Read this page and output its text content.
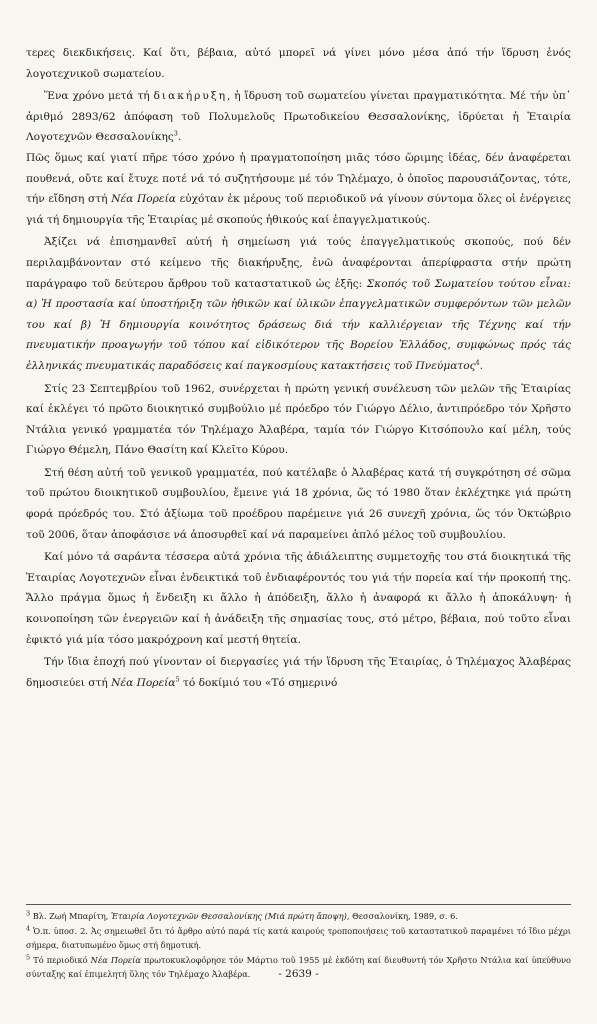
τερες διεκδικήσεις. Καί ὅτι, βέβαια, αὐτό μπορεῖ νά γίνει μόνο μέσα ἀπό τήν ἵδρυση ἑνός λογοτεχνικοῦ σωματείου.

Ἕνα χρόνο μετά τή διακήρυξη, ἡ ἵδρυση τοῦ σωματείου γίνεται πραγματικότητα. Μέ τήν ὑπ᾽ ἀριθμό 2893/62 ἀπόφαση τοῦ Πολυμελοῦς Πρωτοδικείου Θεσσαλονίκης, ἱδρύεται ἡ Ἑταιρία Λογοτεχνῶν Θεσσαλονίκης$^3$.

Πῶς ὅμως καί γιατί πῆρε τόσο χρόνο ἡ πραγματοποίηση μιᾶς τόσο ὥριμης ἰδέας, δέν ἀναφέρεται πουθενά, οὔτε καί ἔτυχε ποτέ νά τό συζητήσουμε μέ τόν Τηλέμαχο, ὁ ὁποῖος παρουσιάζοντας, τότε, τήν εἴδηση στή Νέα Πορεία εὐχόταν ἐκ μέρους τοῦ περιοδικοῦ νά γίνουν σύντομα ὅλες οἱ ἐνέργειες γιά τή δημιουργία τῆς Ἑταιρίας μέ σκοπούς ἠθικούς καί ἐπαγγελματικούς.

Ἀξίζει νά ἐπισημανθεῖ αὐτή ἡ σημείωση γιά τούς ἐπαγγελματικούς σκοπούς, πού δέν περιλαμβάνονταν στό κείμενο τῆς διακήρυξης, ἐνῶ ἀναφέρονται ἀπερίφραστα στήν πρώτη παράγραφο τοῦ δεύτερου ἄρθρου τοῦ καταστατικοῦ ὡς ἑξῆς: Σκοπός τοῦ Σωματείου τούτου εἶναι: α) Ἡ προστασία καί ὑποστήριξη τῶν ἠθικῶν καί ὑλικῶν ἐπαγγελματικῶν συμφερόντων τῶν μελῶν του καί β) Ἡ δημιουργία κοινότητος δράσεως διά τήν καλλιέργειαν τῆς Τέχνης καί τήν πνευματικήν προαγωγήν τοῦ τόπου καί εἰδικότερον τῆς Βορείου Ἑλλάδος, συμφώνως πρός τάς ἑλληνικάς πνευματικάς παραδόσεις καί παγκοσμίους κατακτήσεις τοῦ Πνεύματος$^4$.

Στίς 23 Σεπτεμβρίου τοῦ 1962, συνέρχεται ἡ πρώτη γενική συνέλευση τῶν μελῶν τῆς Ἑταιρίας καί ἐκλέγει τό πρῶτο διοικητικό συμβούλιο μέ πρόεδρο τόν Γιώργο Δέλιο, ἀντιπρόεδρο τόν Χρῆστο Ντάλια γενικό γραμματέα τόν Τηλέμαχο Ἀλαβέρα, ταμία τόν Γιώργο Κιτσόπουλο καί μέλη, τούς Γιώργο Θέμελη, Πάνο Θασίτη καί Κλεῖτο Κύρου.

Στή θέση αὐτή τοῦ γενικοῦ γραμματέα, πού κατέλαβε ὁ Ἀλαβέρας κατά τή συγκρότηση σέ σῶμα τοῦ πρώτου διοικητικοῦ συμβουλίου, ἔμεινε γιά 18 χρόνια, ὥς τό 1980 ὅταν ἐκλέχτηκε γιά πρώτη φορά πρόεδρός του. Στό ἀξίωμα τοῦ προέδρου παρέμεινε γιά 26 συνεχῆ χρόνια, ὥς τόν Ὀκτώβριο τοῦ 2006, ὅταν ἀποφάσισε νά ἀποσυρθεῖ καί νά παραμείνει ἁπλό μέλος τοῦ συμβουλίου.

Καί μόνο τά σαράντα τέσσερα αὐτά χρόνια τῆς ἀδιάλειπτης συμμετοχῆς του στά διοικητικά τῆς Ἑταιρίας Λογοτεχνῶν εἶναι ἐνδεικτικά τοῦ ἐνδιαφέροντός του γιά τήν πορεία καί τήν προκοπή της. Ἄλλο πράγμα ὅμως ἡ ἔνδειξη κι ἄλλο ἡ ἀπόδειξη, ἄλλο ἡ ἀναφορά κι ἄλλο ἡ ἀποκάλυψη· ἡ κοινοποίηση τῶν ἐνεργειῶν καί ἡ ἀνάδειξη τῆς σημασίας τους, στό μέτρο, βέβαια, πού τοῦτο εἶναι ἐφικτό γιά μία τόσο μακρόχρονη καί μεστή θητεία.

Τήν ἴδια ἐποχή πού γίνονταν οἱ διεργασίες γιά τήν ἵδρυση τῆς Ἑταιρίας, ὁ Τηλέμαχος Ἀλαβέρας δημοσιεύει στή Νέα Πορεία$^5$ τό δοκίμιό του «Τό σημερινό

$^3$ Βλ. Ζωή Μπαρίτη, Ἑταιρία Λογοτεχνῶν Θεσσαλονίκης (Μιά πρώτη ἄποψη), Θεσσαλονίκη, 1989, σ. 6.

$^4$ Ὁ.π. ὑποσ. 2. Ἀς σημειωθεῖ ὅτι τό ἄρθρο αὐτό παρά τίς κατά καιρούς τροποποιήσεις τοῦ καταστατικοῦ παραμένει τό ἴδιο μέχρι σήμερα, διατυπωμένο ὅμως στή δημοτική.

$^5$ Τό περιοδικό Νέα Πορεία πρωτοκυκλοφόρησε τόν Μάρτιο τοῦ 1955 μέ ἐκδότη καί διευθυντή τόν Χρῆστο Ντάλια καί ὑπεύθυνο σύνταξης καί ἐπιμελητή ὕλης τόν Τηλέμαχο Ἀλαβέρα.	- 2639 -
